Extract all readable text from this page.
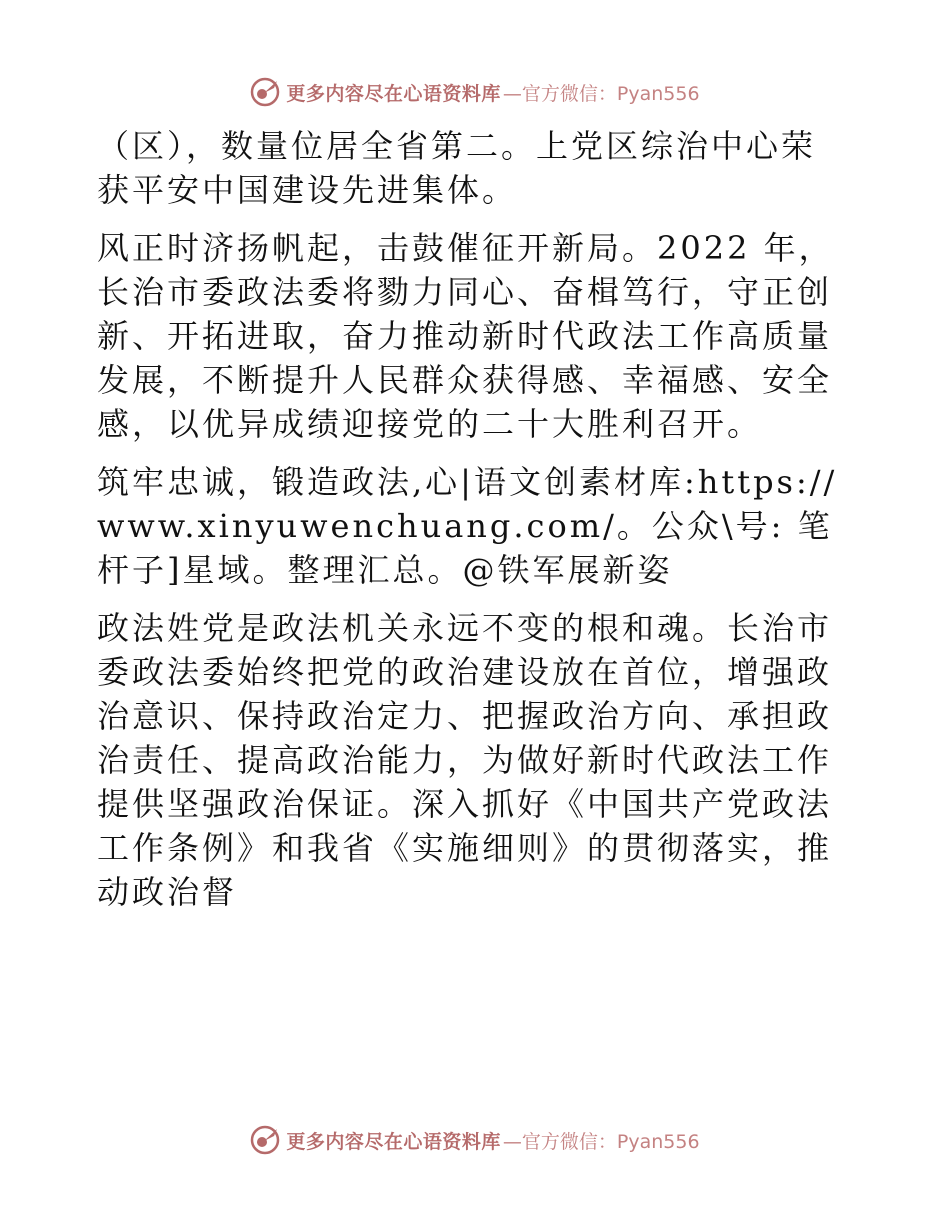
更多内容尽在心语资料库 —官方微信：Pyan556

（区），数量位居全省第二。上党区综治中心荣获平安中国建设先进集体。

风正时济扬帆起，击鼓催征开新局。2022 年，长治市委政法委将勠力同心、奋楫笃行，守正创新、开拓进取，奋力推动新时代政法工作高质量发展，不断提升人民群众获得感、幸福感、安全感，以优异成绩迎接党的二十大胜利召开。

筑牢忠诚，锻造政法,心|语文创素材库:https://www.xinyuwenchuang.com/。公众\号: 笔杆子]星域。整理汇总。@铁军展新姿

政法姓党是政法机关永远不变的根和魂。长治市委政法委始终把党的政治建设放在首位，增强政治意识、保持政治定力、把握政治方向、承担政治责任、提高政治能力，为做好新时代政法工作提供坚强政治保证。深入抓好《中国共产党政法工作条例》和我省《实施细则》的贯彻落实，推动政治督

更多内容尽在心语资料库 —官方微信：Pyan556
